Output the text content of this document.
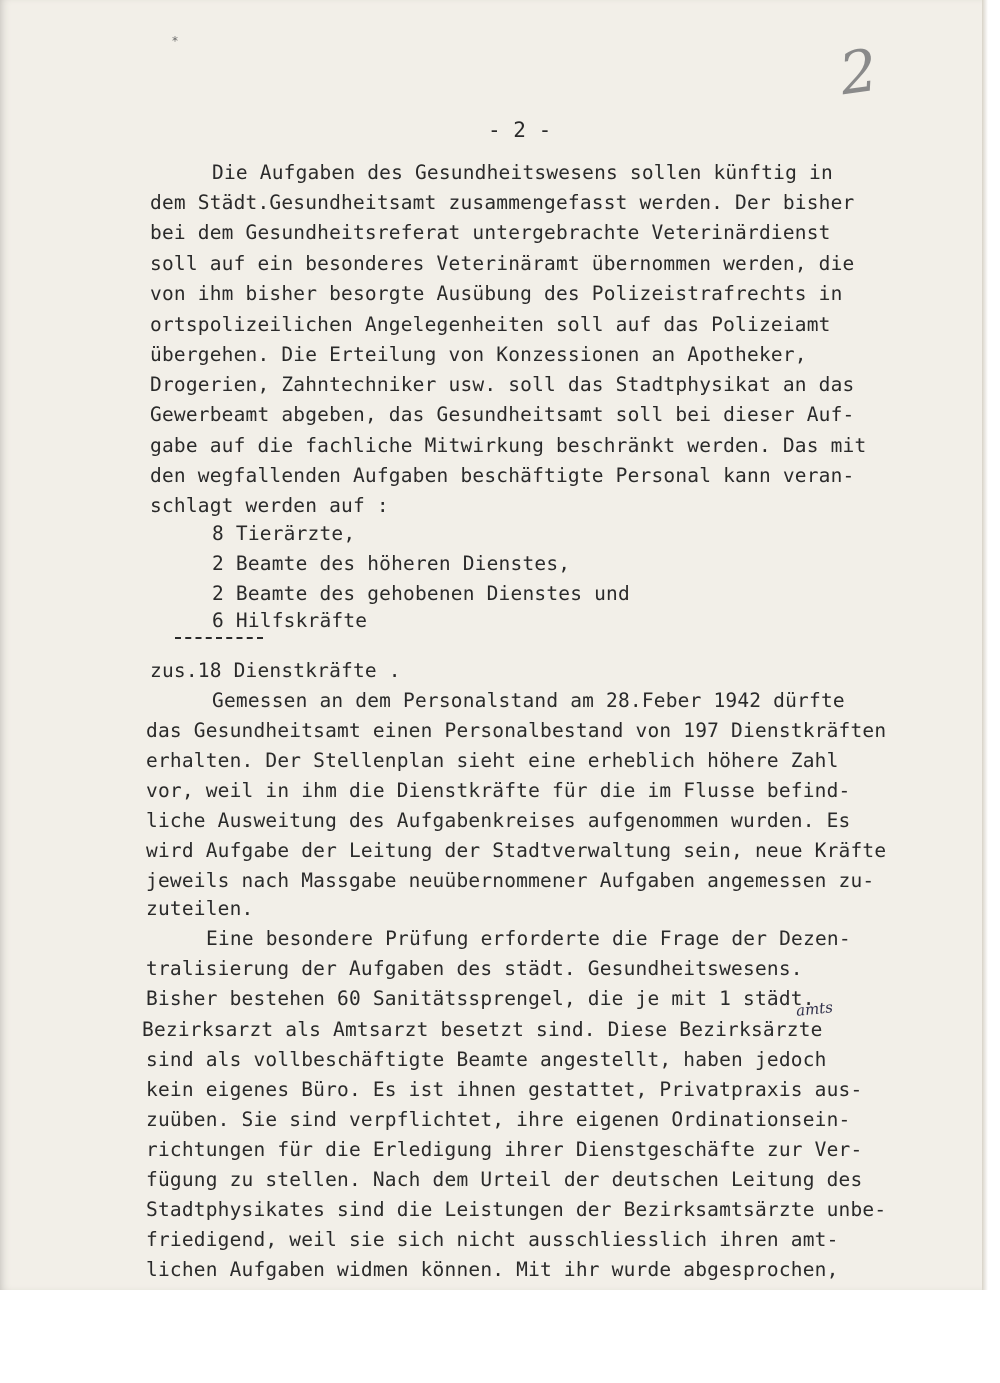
*	2
- 2 -
Die Aufgaben des Gesundheitswesens sollen künftig in
dem Städt.Gesundheitsamt zusammengefasst werden. Der bisher
bei dem Gesundheitsreferat untergebrachte Veterinärdienst
soll auf ein besonderes Veterinäramt übernommen werden, die
von ihm bisher besorgte Ausübung des Polizeistrafrechts in
ortspolizeilichen Angelegenheiten soll auf das Polizeiamt
übergehen. Die Erteilung von Konzessionen an Apotheker,
Drogerien, Zahntechniker usw. soll das Stadtphysikat an das
Gewerbeamt abgeben, das Gesundheitsamt soll bei dieser Auf-
gabe auf die fachliche Mitwirkung beschränkt werden. Das mit
den wegfallenden Aufgaben beschäftigte Personal kann veran-
schlagt werden auf :
8 Tierärzte,
2 Beamte des höheren Dienstes,
2 Beamte des gehobenen Dienstes und
6 Hilfskräfte
zus.18 Dienstkräfte .
Gemessen an dem Personalstand am 28.Feber 1942 dürfte
das Gesundheitsamt einen Personalbestand von 197 Dienstkräften
erhalten. Der Stellenplan sieht eine erheblich höhere Zahl
vor, weil in ihm die Dienstkräfte für die im Flusse befind-
liche Ausweitung des Aufgabenkreises aufgenommen wurden. Es
wird Aufgabe der Leitung der Stadtverwaltung sein, neue Kräfte
jeweils nach Massgabe neuübernommener Aufgaben angemessen zu-
zuteilen.
Eine besondere Prüfung erforderte die Frage der Dezen-
tralisierung der Aufgaben des städt. Gesundheitswesens.
Bisher bestehen 60 Sanitätssprengel, die je mit 1 städt.
amts
Bezirksarzt als Amtsarzt besetzt sind. Diese Bezirksärzte
sind als vollbeschäftigte Beamte angestellt, haben jedoch
kein eigenes Büro. Es ist ihnen gestattet, Privatpraxis aus-
zuüben. Sie sind verpflichtet, ihre eigenen Ordinationsein-
richtungen für die Erledigung ihrer Dienstgeschäfte zur Ver-
fügung zu stellen. Nach dem Urteil der deutschen Leitung des
Stadtphysikates sind die Leistungen der Bezirksamtsärzte unbe-
friedigend, weil sie sich nicht ausschliesslich ihren amt-
lichen Aufgaben widmen können. Mit ihr wurde abgesprochen,
